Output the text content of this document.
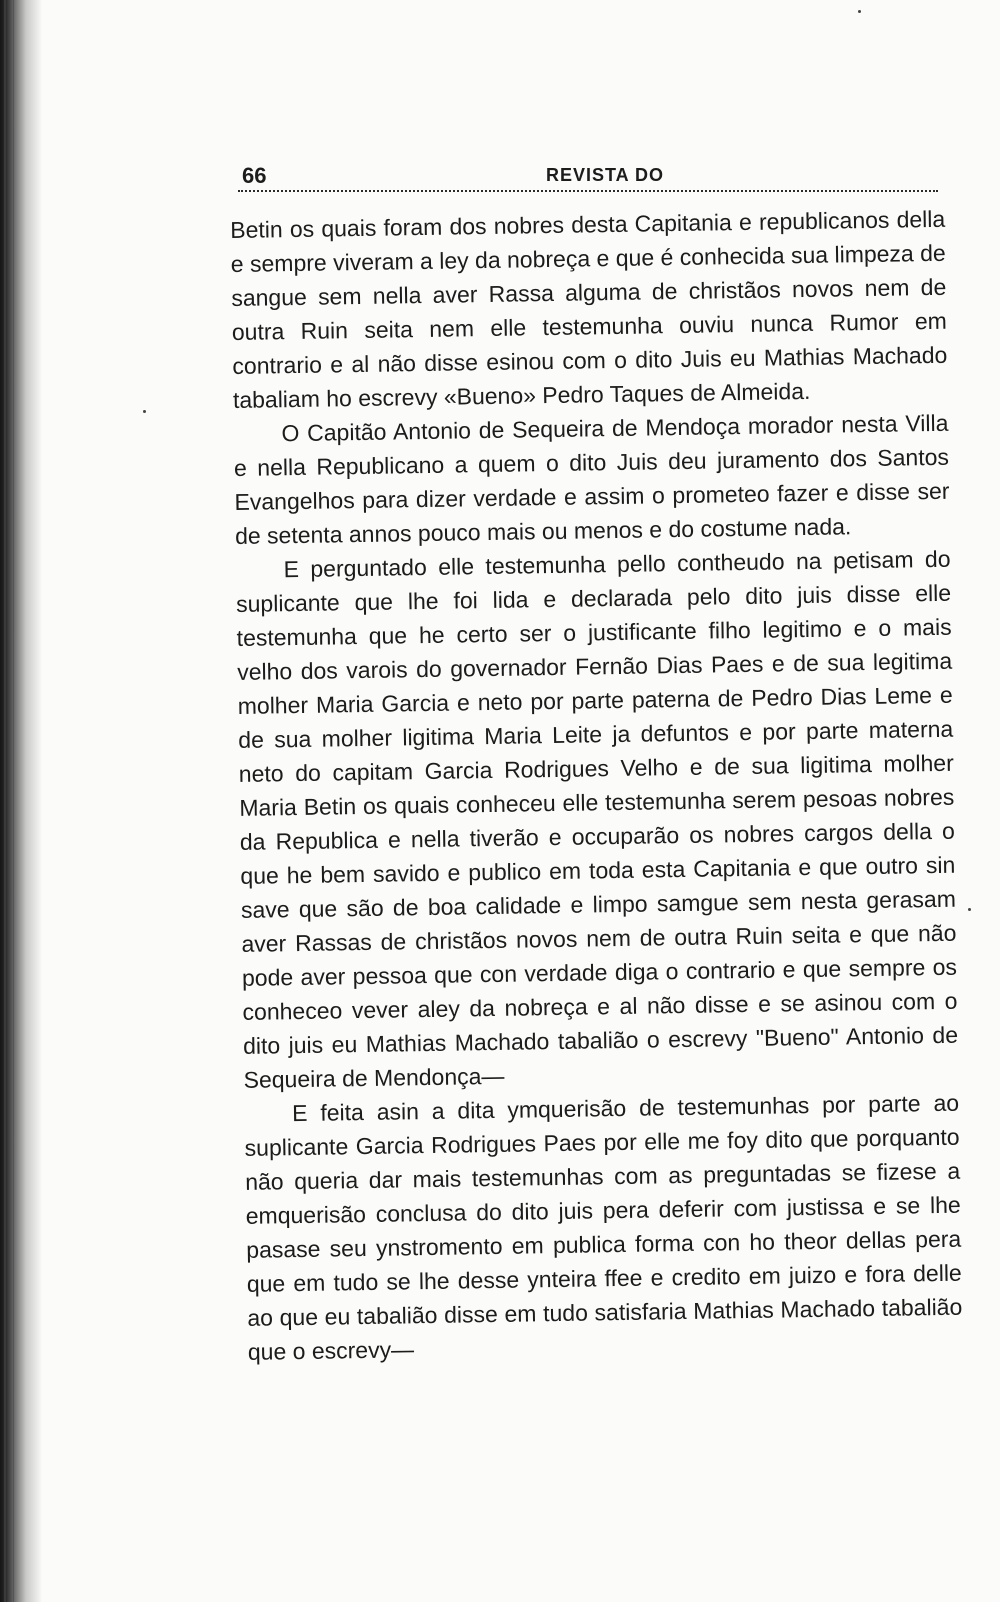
66	REVISTA DO

Betin os quais foram dos nobres desta Capitania e republicanos della e sempre viveram a ley da nobreça e que é conhecida sua limpeza de sangue sem nella aver Rassa alguma de christãos novos nem de outra Ruin seita nem elle testemunha ouviu nunca Rumor em contrario e al não disse esinou com o dito Juis eu Mathias Machado tabaliam ho escrevy «Bueno» Pedro Taques de Almeida.

O Capitão Antonio de Sequeira de Mendoça morador nesta Villa e nella Republicano a quem o dito Juis deu juramento dos Santos Evangelhos para dizer verdade e assim o prometeo fazer e disse ser de setenta annos pouco mais ou menos e do costume nada.

E perguntado elle testemunha pello contheudo na petisam do suplicante que lhe foi lida e declarada pelo dito juis disse elle testemunha que he certo ser o justificante filho legitimo e o mais velho dos varois do governador Fernão Dias Paes e de sua legitima molher Maria Garcia e neto por parte paterna de Pedro Dias Leme e de sua molher ligitima Maria Leite ja defuntos e por parte materna neto do capitam Garcia Rodrigues Velho e de sua ligitima molher Maria Betin os quais conheceu elle testemunha serem pesoas nobres da Republica e nella tiverão e occuparão os nobres cargos della o que he bem savido e publico em toda esta Capitania e que outro sin save que são de boa calidade e limpo samgue sem nesta gerasam aver Rassas de christãos novos nem de outra Ruin seita e que não pode aver pessoa que con verdade diga o contrario e que sempre os conheceo vever aley da nobreça e al não disse e se asinou com o dito juis eu Mathias Machado tabalião o escrevy "Bueno" Antonio de Sequeira de Mendonça—

E feita asin a dita ymquerisão de testemunhas por parte ao suplicante Garcia Rodrigues Paes por elle me foy dito que porquanto não queria dar mais testemunhas com as preguntadas se fizese a emquerisão conclusa do dito juis pera deferir com justissa e se lhe pasase seu ynstromento em publica forma con ho theor dellas pera que em tudo se lhe desse ynteira ffee e credito em juizo e fora delle ao que eu tabalião disse em tudo satisfaria Mathias Machado tabalião que o escrevy—
